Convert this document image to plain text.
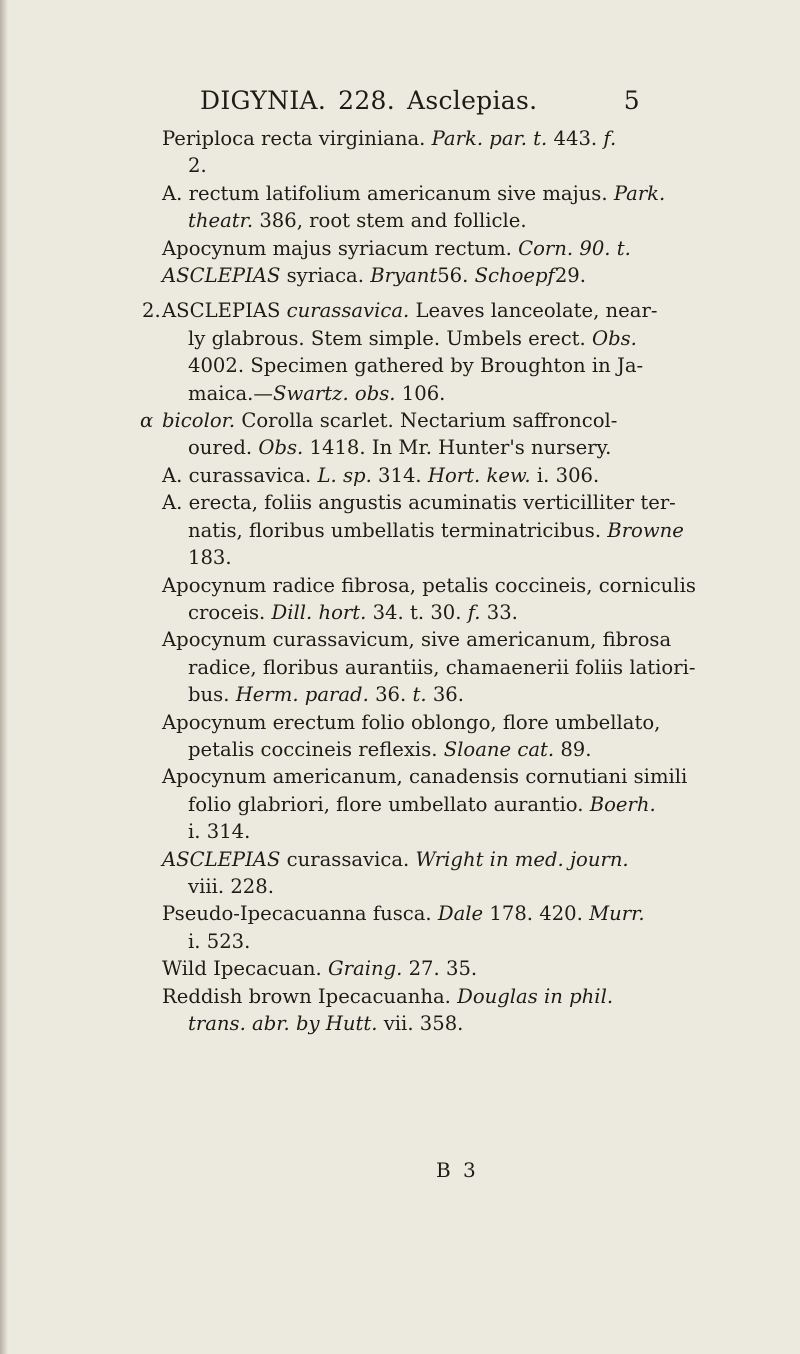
DIGYNIA. 228. Asclepias.	5
Periploca recta virginiana. Park. par. t. 443. f.
2.
A. rectum latifolium americanum sive majus. Park.
theatr. 386, root stem and follicle.
Apocynum majus syriacum rectum. Corn. 90. t.
ASCLEPIAS syriaca. Bryant56. Schoepf29.
2. ASCLEPIAS curassavica. Leaves lanceolate, near-
ly glabrous. Stem simple. Umbels erect. Obs.
4002. Specimen gathered by Broughton in Ja-
maica.—Swartz. obs. 106.
α bicolor. Corolla scarlet. Nectarium saffroncol-
oured. Obs. 1418. In Mr. Hunter's nursery.
A. curassavica. L. sp. 314. Hort. kew. i. 306.
A. erecta, foliis angustis acuminatis verticilliter ter-
natis, floribus umbellatis terminatricibus. Browne
183.
Apocynum radice fibrosa, petalis coccineis, corniculis
croceis. Dill. hort. 34. t. 30. f. 33.
Apocynum curassavicum, sive americanum, fibrosa
radice, floribus aurantiis, chamaenerii foliis latiori-
bus. Herm. parad. 36. t. 36.
Apocynum erectum folio oblongo, flore umbellato,
petalis coccineis reflexis. Sloane cat. 89.
Apocynum americanum, canadensis cornutiani simili
folio glabriori, flore umbellato aurantio. Boerh.
i. 314.
ASCLEPIAS curassavica. Wright in med. journ.
viii. 228.
Pseudo-Ipecacuanna fusca. Dale 178. 420. Murr.
i. 523.
Wild Ipecacuan. Graing. 27. 35.
Reddish brown Ipecacuanha. Douglas in phil.
trans. abr. by Hutt. vii. 358.
B 3
